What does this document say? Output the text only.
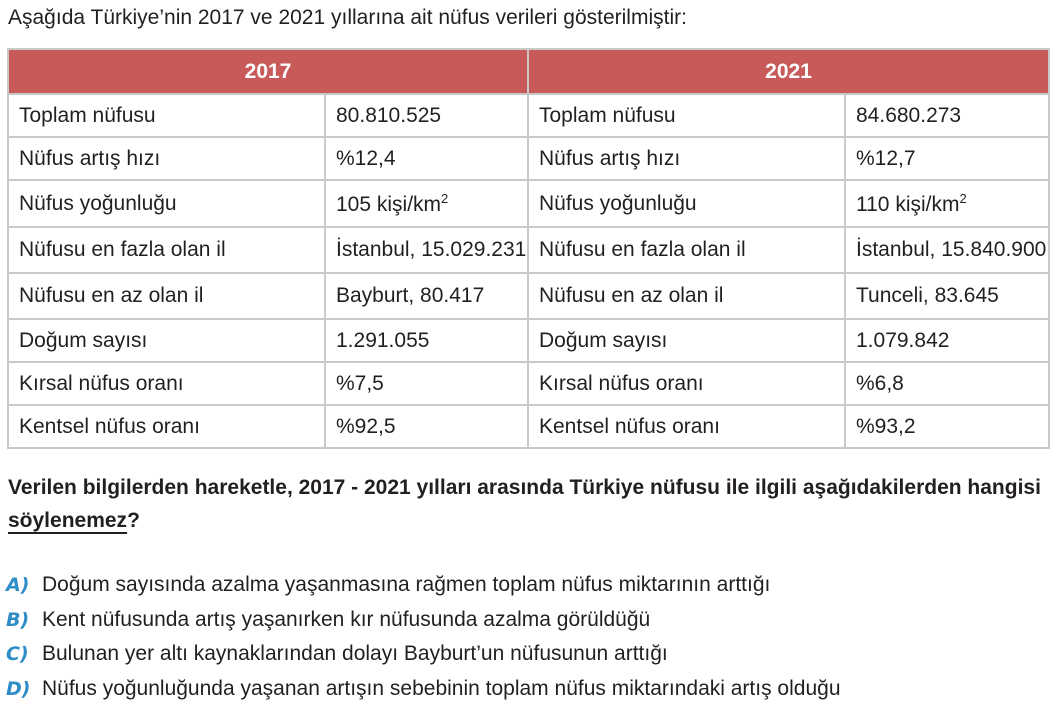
Aşağıda Türkiye’nin 2017 ve 2021 yıllarına ait nüfus verileri gösterilmiştir:
2017		2021	
Toplam nüfusu	80.810.525		Toplam nüfusu	84.680.273
Nüfus artış hızı	%12,4		Nüfus artış hızı	%12,7
Nüfus yoğunluğu	105 kişi/$km^2$		Nüfus yoğunluğu	110 kişi/$km^2$
Nüfusu en fazla olan il	İstanbul, 15.029.231		Nüfusu en fazla olan il	İstanbul, 15.840.900
Nüfusu en az olan il	Bayburt, 80.417		Nüfusu en az olan il	Tunceli, 83.645
Doğum sayısı	1.291.055		Doğum sayısı	1.079.842
Kırsal nüfus oranı	%7,5		Kırsal nüfus oranı	%6,8
Kentsel nüfus oranı	%92,5		Kentsel nüfus oranı	%93,2
Verilen bilgilerden hareketle, 2017 - 2021 yılları arasında Türkiye nüfusu ile ilgili aşağıdakilerden hangisi söylenemez?
A) Doğum sayısında azalma yaşanmasına rağmen toplam nüfus miktarının arttığı
B) Kent nüfusunda artış yaşanırken kır nüfusunda azalma görüldüğü
C) Bulunan yer altı kaynaklarından dolayı Bayburt’un nüfusunun arttığı
D) Nüfus yoğunluğunda yaşanan artışın sebebinin toplam nüfus miktarındaki artış olduğu
